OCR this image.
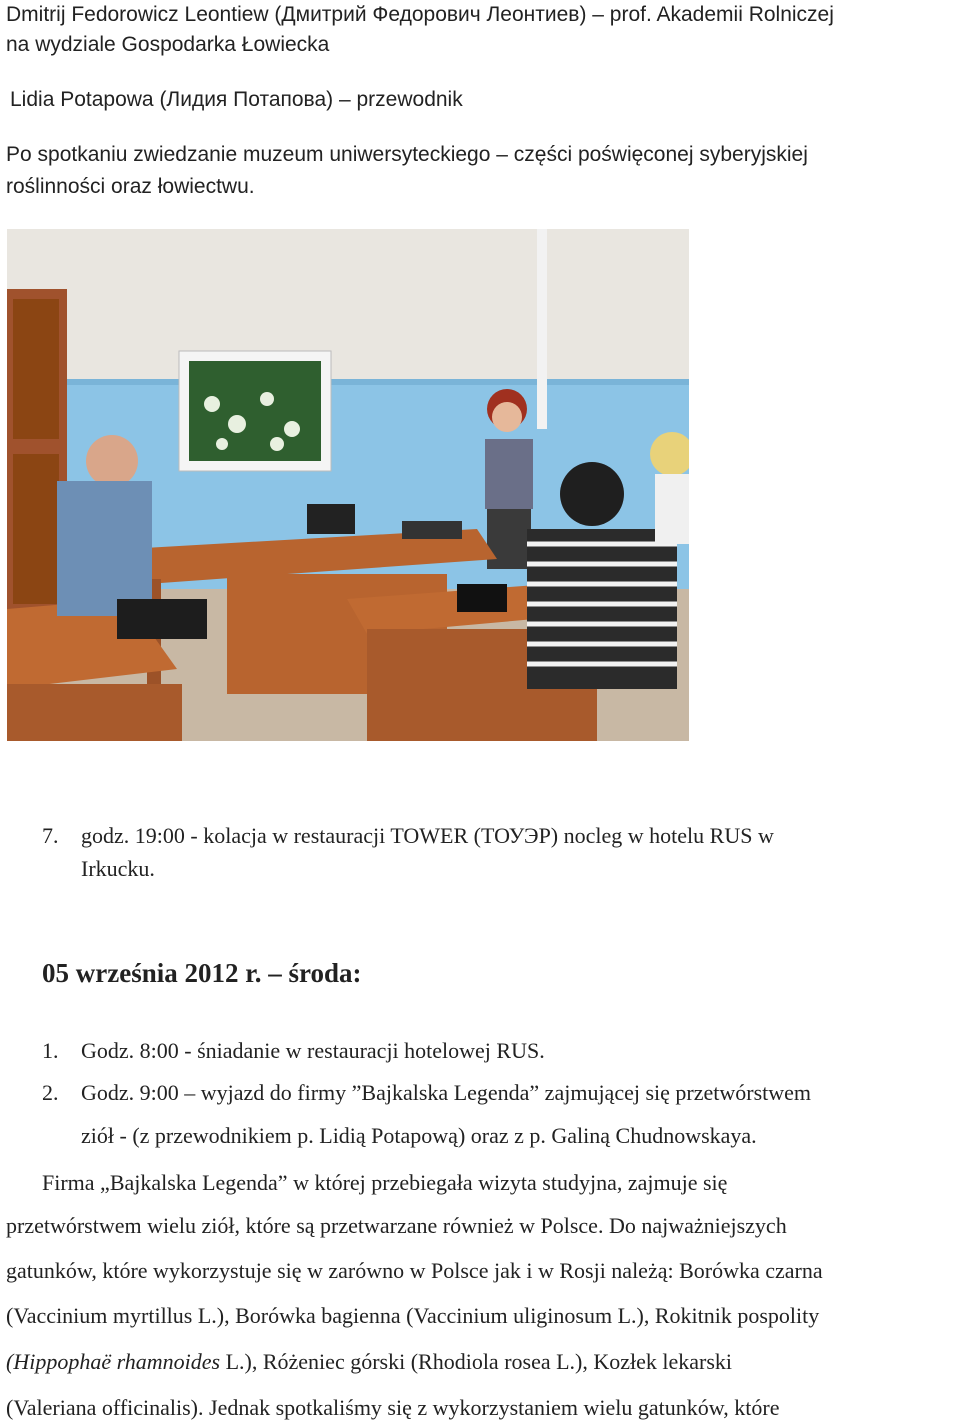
Dmitrij Fedorowicz Leontiew (Дмитрий Федорович Леонтиев) – prof. Akademii Rolniczej
na wydziale Gospodarka Łowiecka
Lidia Potapowa (Лидия Потапова) – przewodnik
Po spotkaniu zwiedzanie muzeum uniwersyteckiego – części poświęconej syberyjskiej
roślinności oraz łowiectwu.
7. godz. 19:00 - kolacja w restauracji TOWER (ТОУЭР) nocleg w hotelu RUS w
Irkucku.
05 września 2012 r. – środa:
1. Godz. 8:00 - śniadanie w restauracji hotelowej RUS.
2. Godz. 9:00 – wyjazd do firmy ”Bajkalska Legenda” zajmującej się przetwórstwem
ziół - (z przewodnikiem p. Lidią Potapową) oraz z p. Galiną Chudnowskaya.
Firma „Bajkalska Legenda” w której przebiegała wizyta studyjna, zajmuje się
przetwórstwem wielu ziół, które są przetwarzane również w Polsce. Do najważniejszych
gatunków, które wykorzystuje się w zarówno w Polsce jak i w Rosji należą: Borówka czarna
(Vaccinium myrtillus L.), Borówka bagienna (Vaccinium uliginosum L.), Rokitnik pospolity
(Hippophaë rhamnoides L.), Różeniec górski (Rhodiola rosea L.), Kozłek lekarski
(Valeriana officinalis). Jednak spotkaliśmy się z wykorzystaniem wielu gatunków, które
